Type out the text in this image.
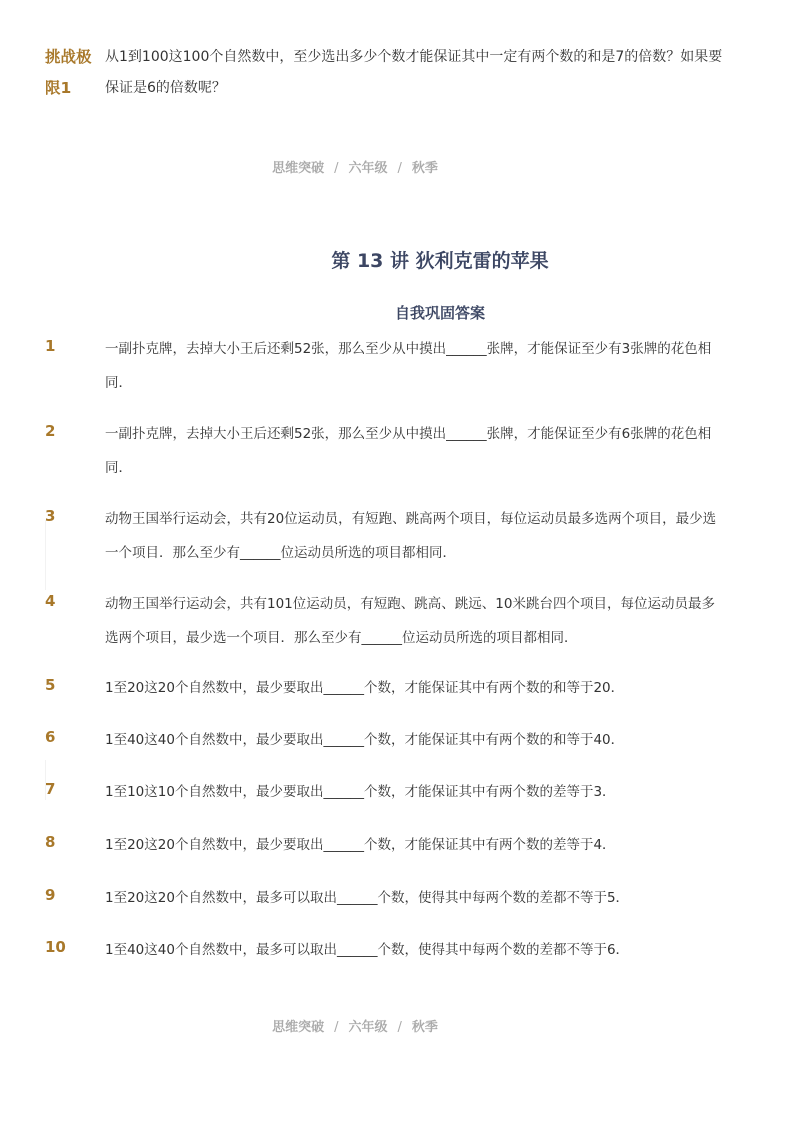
挑战极限1
从1到100这100个自然数中，至少选出多少个数才能保证其中一定有两个数的和是7的倍数？如果要保证是6的倍数呢？
思维突破 / 六年级 / 秋季
第 13 讲 狄利克雷的苹果
自我巩固答案
1	一副扑克牌，去掉大小王后还剩52张，那么至少从中摸出______张牌，才能保证至少有3张牌的花色相同．
2	一副扑克牌，去掉大小王后还剩52张，那么至少从中摸出______张牌，才能保证至少有6张牌的花色相同．
3	动物王国举行运动会，共有20位运动员，有短跑、跳高两个项目，每位运动员最多选两个项目，最少选一个项目．那么至少有______位运动员所选的项目都相同．
4	动物王国举行运动会，共有101位运动员，有短跑、跳高、跳远、10米跳台四个项目，每位运动员最多选两个项目，最少选一个项目．那么至少有______位运动员所选的项目都相同．
5	1至20这20个自然数中，最少要取出______个数，才能保证其中有两个数的和等于20．
6	1至40这40个自然数中，最少要取出______个数，才能保证其中有两个数的和等于40．
7	1至10这10个自然数中，最少要取出______个数，才能保证其中有两个数的差等于3．
8	1至20这20个自然数中，最少要取出______个数，才能保证其中有两个数的差等于4．
9	1至20这20个自然数中，最多可以取出______个数，使得其中每两个数的差都不等于5．
10	1至40这40个自然数中，最多可以取出______个数，使得其中每两个数的差都不等于6．
思维突破 / 六年级 / 秋季
